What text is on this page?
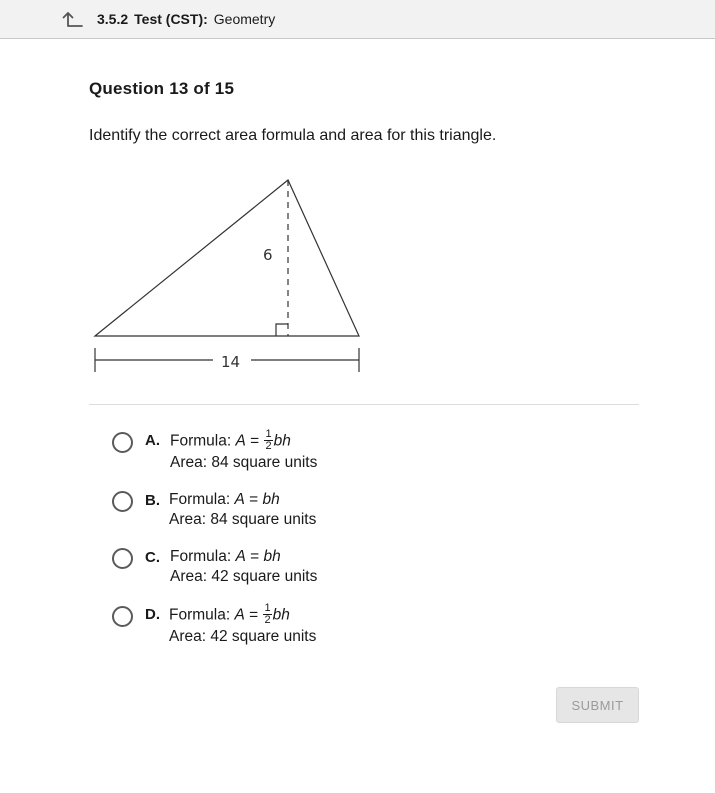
3.5.2 Test (CST): Geometry
Question 13 of 15
Identify the correct area formula and area for this triangle.
6
14
A. Formula: $A = \frac{1}{2}$ bh
Area: 84 square units
B. Formula: A = bh
Area: 84 square units
C. Formula: A = bh
Area: 42 square units
D. Formula: $A = \frac{1}{2}$ bh
Area: 42 square units
SUBMIT
